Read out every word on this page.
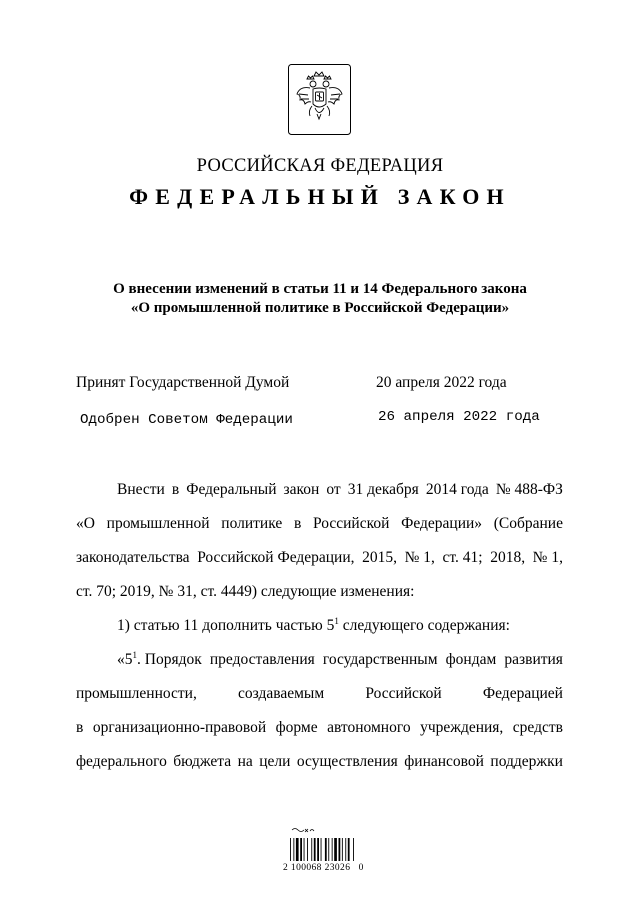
РОССИЙСКАЯ ФЕДЕРАЦИЯ
ФЕДЕРАЛЬНЫЙ ЗАКОН
О внесении изменений в статьи 11 и 14 Федерального закона
«О промышленной политике в Российской Федерации»
Принят Государственной Думой	20 апреля 2022 года
Одобрен Советом Федерации	26 апреля 2022 года
Внести в Федеральный закон от 31 декабря 2014 года № 488-ФЗ
«О промышленной политике в Российской Федерации» (Собрание
законодательства Российской Федерации, 2015, № 1, ст. 41; 2018, № 1,
ст. 70; 2019, № 31, ст. 4449) следующие изменения:
1) статью 11 дополнить частью $5^1$ следующего содержания:
«$5^1$. Порядок предоставления государственным фондам развития
промышленности,	создаваемым	Российской	Федерацией
в организационно-правовой форме автономного учреждения, средств
федерального бюджета на цели осуществления финансовой поддержки
2 100068 23026   0
